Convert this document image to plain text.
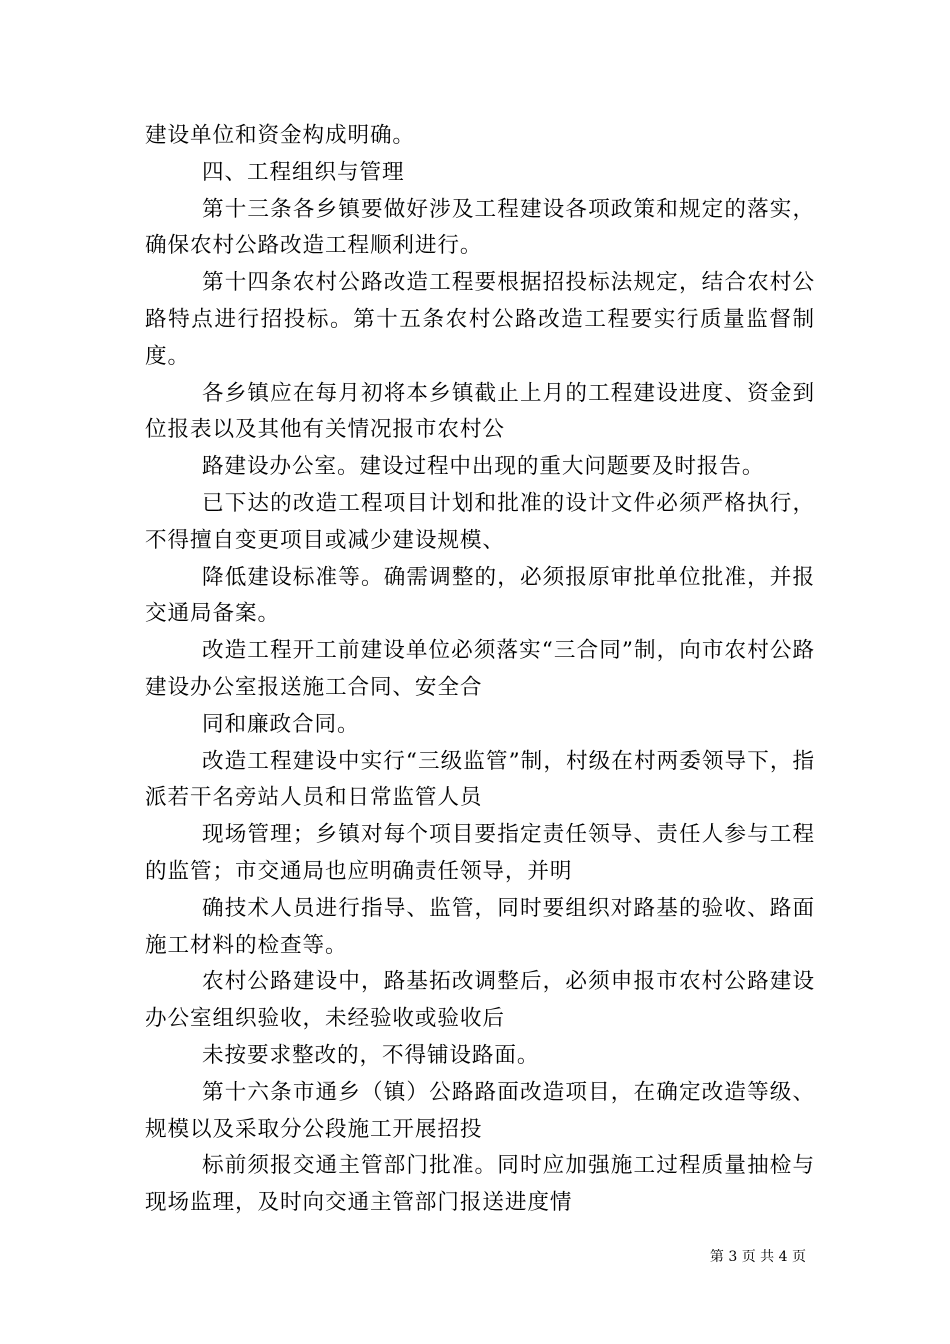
建设单位和资金构成明确。

四、工程组织与管理

第十三条各乡镇要做好涉及工程建设各项政策和规定的落实，确保农村公路改造工程顺利进行。

第十四条农村公路改造工程要根据招投标法规定，结合农村公路特点进行招投标。第十五条农村公路改造工程要实行质量监督制度。

各乡镇应在每月初将本乡镇截止上月的工程建设进度、资金到位报表以及其他有关情况报市农村公

路建设办公室。建设过程中出现的重大问题要及时报告。

已下达的改造工程项目计划和批准的设计文件必须严格执行，不得擅自变更项目或减少建设规模、

降低建设标准等。确需调整的，必须报原审批单位批准，并报交通局备案。

改造工程开工前建设单位必须落实“三合同”制，向市农村公路建设办公室报送施工合同、安全合

同和廉政合同。

改造工程建设中实行“三级监管”制，村级在村两委领导下，指派若干名旁站人员和日常监管人员

现场管理；乡镇对每个项目要指定责任领导、责任人参与工程的监管；市交通局也应明确责任领导，并明

确技术人员进行指导、监管，同时要组织对路基的验收、路面施工材料的检查等。

农村公路建设中，路基拓改调整后，必须申报市农村公路建设办公室组织验收，未经验收或验收后

未按要求整改的，不得铺设路面。

第十六条市通乡（镇）公路路面改造项目，在确定改造等级、规模以及采取分公段施工开展招投

标前须报交通主管部门批准。同时应加强施工过程质量抽检与现场监理，及时向交通主管部门报送进度情

第 3 页 共 4 页
